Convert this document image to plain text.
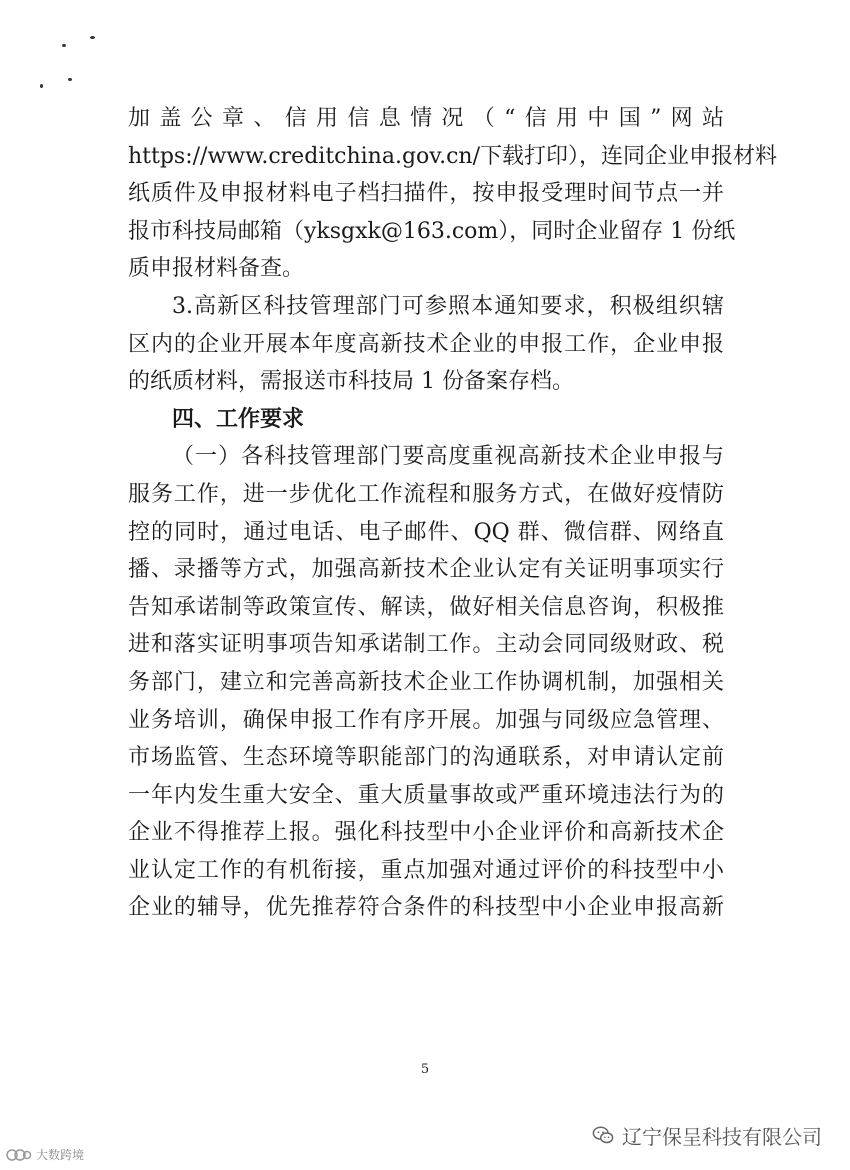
加盖公章、信用信息情况（“信用中国”网站
https://www.creditchina.gov.cn/下载打印），连同企业申报材料
纸质件及申报材料电子档扫描件，按申报受理时间节点一并
报市科技局邮箱（yksgxk@163.com），同时企业留存 1 份纸
质申报材料备查。
3.高新区科技管理部门可参照本通知要求，积极组织辖
区内的企业开展本年度高新技术企业的申报工作，企业申报
的纸质材料，需报送市科技局 1 份备案存档。
四、工作要求
（一）各科技管理部门要高度重视高新技术企业申报与
服务工作，进一步优化工作流程和服务方式，在做好疫情防
控的同时，通过电话、电子邮件、QQ 群、微信群、网络直
播、录播等方式，加强高新技术企业认定有关证明事项实行
告知承诺制等政策宣传、解读，做好相关信息咨询，积极推
进和落实证明事项告知承诺制工作。主动会同同级财政、税
务部门，建立和完善高新技术企业工作协调机制，加强相关
业务培训，确保申报工作有序开展。加强与同级应急管理、
市场监管、生态环境等职能部门的沟通联系，对申请认定前
一年内发生重大安全、重大质量事故或严重环境违法行为的
企业不得推荐上报。强化科技型中小企业评价和高新技术企
业认定工作的有机衔接，重点加强对通过评价的科技型中小
企业的辅导，优先推荐符合条件的科技型中小企业申报高新
5
辽宁保呈科技有限公司
大数跨境
